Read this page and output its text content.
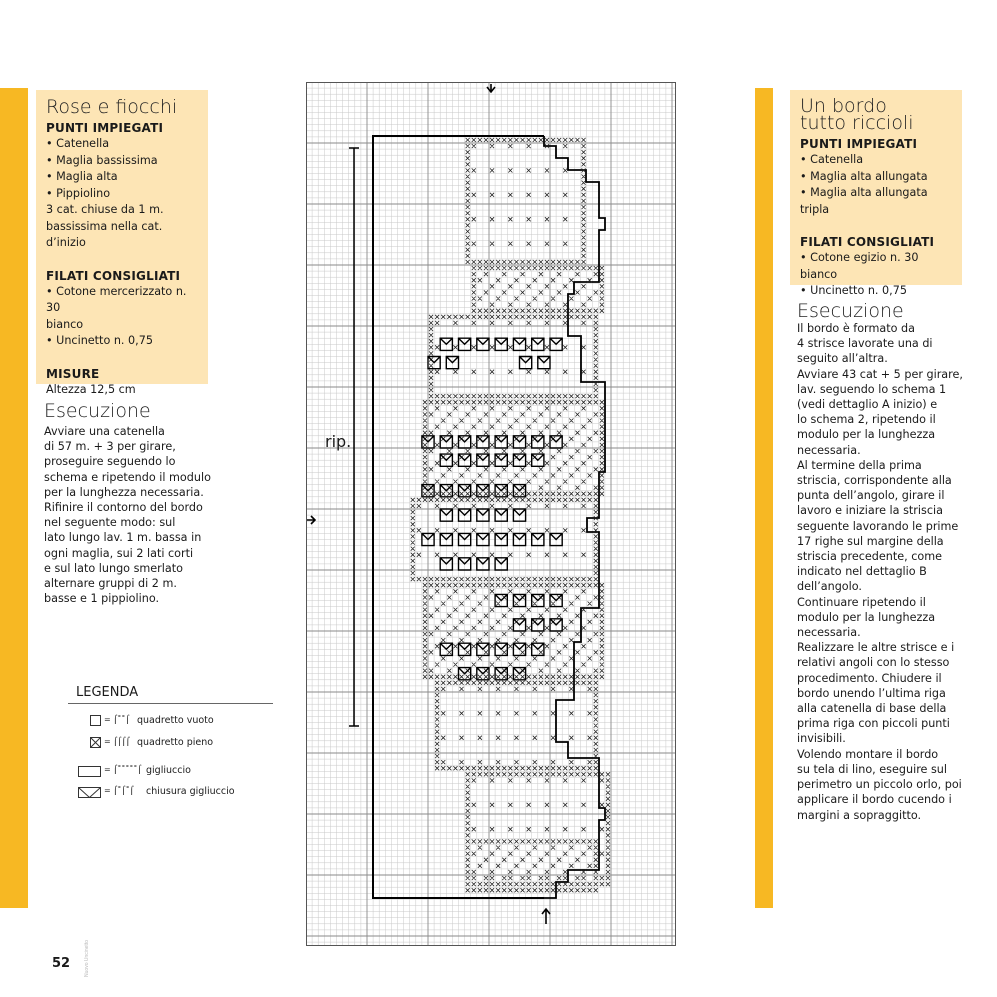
Rose e fiocchi

PUNTI IMPIEGATI

• Catenella
• Maglia bassissima
• Maglia alta
• Pippiolino
3 cat. chiuse da 1 m.
bassissima nella cat. d’inizio

FILATI CONSIGLIATI

• Cotone mercerizzato n. 30
bianco
• Uncinetto n. 0,75

MISURE

Altezza 12,5 cm
Esecuzione
Avviare una catenella
di 57 m. + 3 per girare,
proseguire seguendo lo
schema e ripetendo il modulo
per la lunghezza necessaria.
Rifinire il contorno del bordo
nel seguente modo: sul
lato lungo lav. 1 m. bassa in
ogni maglia, sui 2 lati corti
e sul lato lungo smerlato
alternare gruppi di 2 m.
basse e 1 pippiolino.
LEGENDA
= ⌠˚˚⌠ quadretto vuoto
= ⌠⌠⌠⌠ quadretto pieno
= ⌠˚˚˚˚˚⌠ gigliuccio
= ⌠˚⌠˚⌠ chiusura gigliuccio
rip.
Un bordo
tutto riccioli

PUNTI IMPIEGATI

• Catenella
• Maglia alta allungata
• Maglia alta allungata tripla

FILATI CONSIGLIATI

• Cotone egizio n. 30 bianco
• Uncinetto n. 0,75
Esecuzione
Il bordo è formato da
4 strisce lavorate una di
seguito all’altra.
Avviare 43 cat + 5 per girare,
lav. seguendo lo schema 1
(vedi dettaglio A inizio) e
lo schema 2, ripetendo il
modulo per la lunghezza
necessaria.
Al termine della prima
striscia, corrispondente alla
punta dell’angolo, girare il
lavoro e iniziare la striscia
seguente lavorando le prime
17 righe sul margine della
striscia precedente, come
indicato nel dettaglio B
dell’angolo.
Continuare ripetendo il
modulo per la lunghezza
necessaria.
Realizzare le altre strisce e i
relativi angoli con lo stesso
procedimento. Chiudere il
bordo unendo l’ultima riga
alla catenella di base della
prima riga con piccoli punti
invisibili.
Volendo montare il bordo
su tela di lino, eseguire sul
perimetro un piccolo orlo, poi
applicare il bordo cucendo i
margini a sopraggitto.
52	Nuovo Uncinetto
